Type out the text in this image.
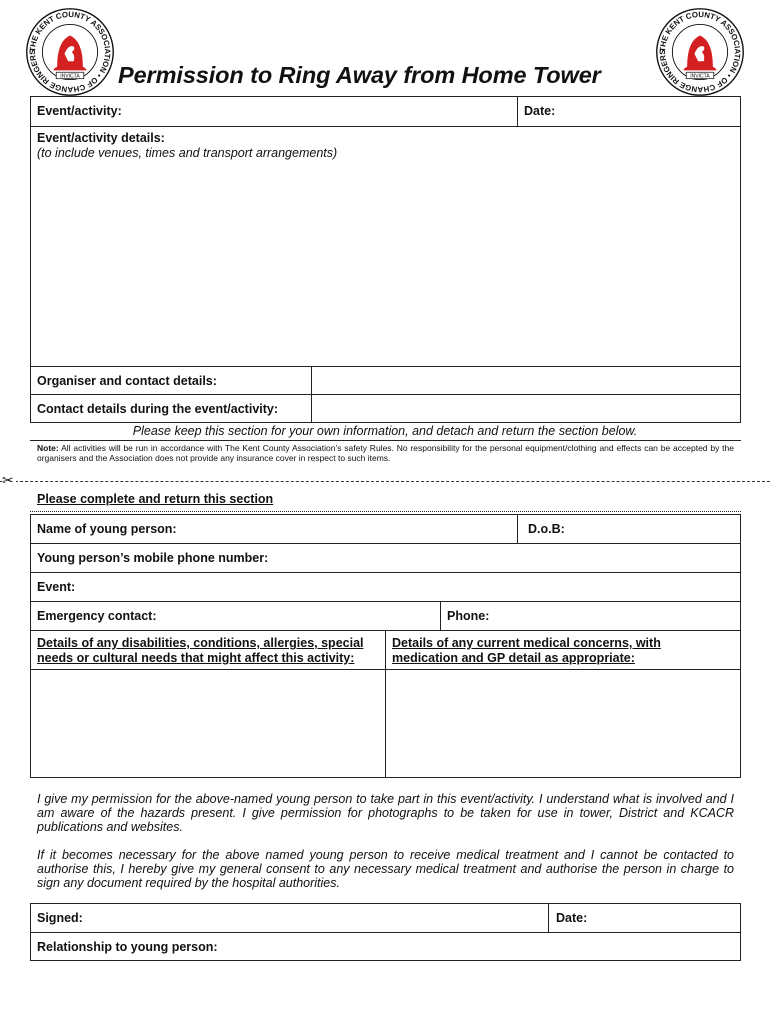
THE KENT COUNTY ASSOCIATION • OF CHANGE RINGERS
INVICTA
THE KENT COUNTY ASSOCIATION • OF CHANGE RINGERS
INVICTA
Permission to Ring Away from Home Tower
Event/activity:	Date:
Event/activity details:
(to include venues, times and transport arrangements)
Organiser and contact details:
Contact details during the event/activity:
Please keep this section for your own information, and detach and return the section below.
Note: All activities will be run in accordance with The Kent County Association’s safety Rules. No responsibility for the personal equipment/clothing and effects can be accepted by the organisers and the Association does not provide any insurance cover in respect to such items.
✂
Please complete and return this section
Name of young person:	D.o.B:
Young person’s mobile phone number:
Event:
Emergency contact:	Phone:
Details of any disabilities, conditions, allergies, special
needs or cultural needs that might affect this activity:
Details of any current medical concerns, with
medication and GP detail as appropriate:
I give my permission for the above-named young person to take part in this event/activity. I understand what is involved and I am aware of the hazards present. I give permission for photographs to be taken for use in tower, District and KCACR publications and websites.
If it becomes necessary for the above named young person to receive medical treatment and I cannot be contacted to authorise this, I hereby give my general consent to any necessary medical treatment and authorise the person in charge to sign any document required by the hospital authorities.
Signed:	Date:
Relationship to young person:
